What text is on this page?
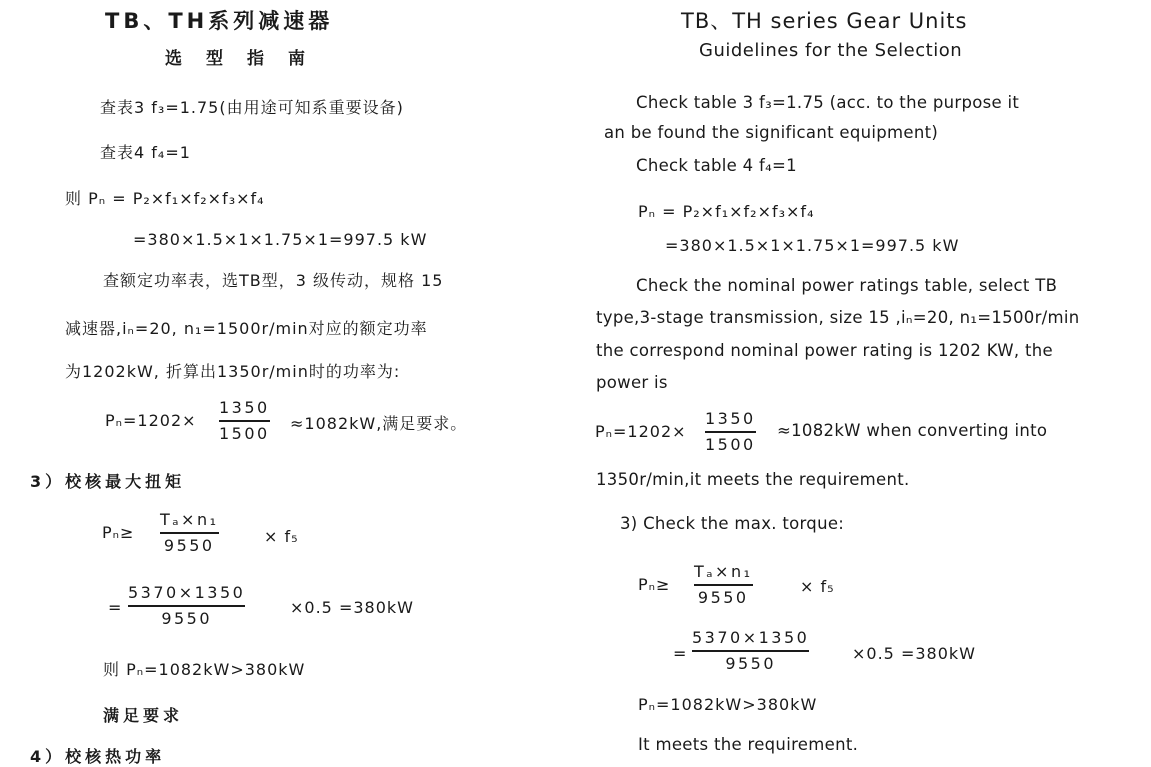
TB、TH系列减速器
选型指南
查表3 f₃=1.75(由用途可知系重要设备)
查表4 f₄=1
则 Pₙ = P₂×f₁×f₂×f₃×f₄
=380×1.5×1×1.75×1=997.5 kW
查额定功率表，选TB型，3 级传动，规格 15
减速器,iₙ=20, n₁=1500r/min对应的额定功率
为1202kW, 折算出1350r/min时的功率为:
Pₙ=1202×
1350
1500 ≈1082kW,满足要求。
3）校核最大扭矩
Pₙ≥
Tₐ×n₁
9550	× f₅
=
5370×1350
9550
×0.5 =380kW
则 Pₙ=1082kW>380kW
满足要求
4）校核热功率
TB、TH series Gear Units
Guidelines for the Selection
Check table 3 f₃=1.75 (acc. to the purpose it
an be found the significant equipment)
Check table 4 f₄=1
Pₙ = P₂×f₁×f₂×f₃×f₄
=380×1.5×1×1.75×1=997.5 kW
Check the nominal power ratings table, select TB
type,3-stage transmission, size 15 ,iₙ=20, n₁=1500r/min
the correspond nominal power rating is 1202 KW, the
power is
Pₙ=1202×
1350
1500
≈1082kW when converting into
1350r/min,it meets the requirement.
3) Check the max. torque:
Pₙ≥
Tₐ×n₁
9550
× f₅
=
5370×1350
9550	×0.5 =380kW
Pₙ=1082kW>380kW
It meets the requirement.
